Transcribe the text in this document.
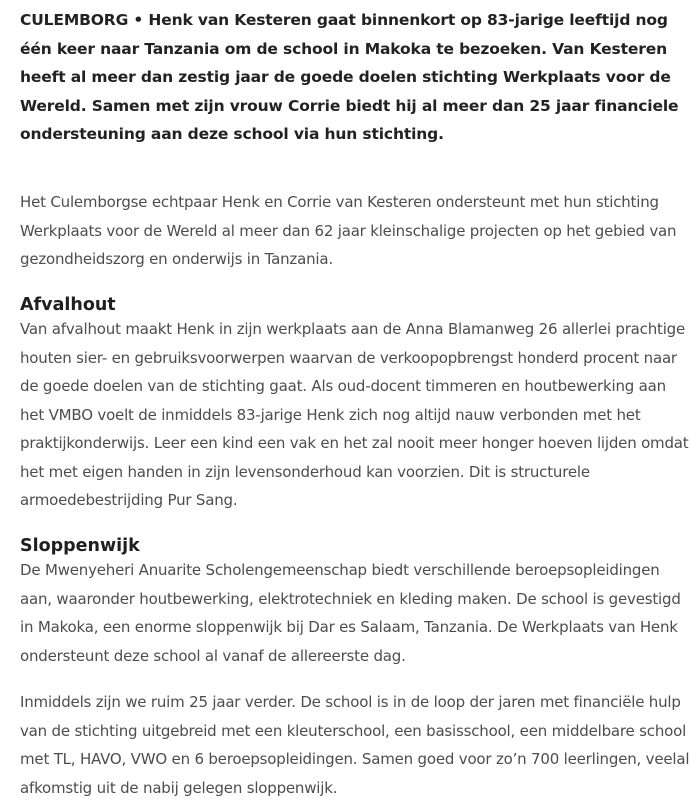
CULEMBORG • Henk van Kesteren gaat binnenkort op 83-jarige leeftijd nog één keer naar Tanzania om de school in Makoka te bezoeken. Van Kesteren heeft al meer dan zestig jaar de goede doelen stichting Werkplaats voor de Wereld. Samen met zijn vrouw Corrie biedt hij al meer dan 25 jaar financiele ondersteuning aan deze school via hun stichting.

Het Culemborgse echtpaar Henk en Corrie van Kesteren ondersteunt met hun stichting Werkplaats voor de Wereld al meer dan 62 jaar kleinschalige projecten op het gebied van gezondheidszorg en onderwijs in Tanzania.

Afvalhout

Van afvalhout maakt Henk in zijn werkplaats aan de Anna Blamanweg 26 allerlei prachtige houten sier- en gebruiksvoorwerpen waarvan de verkoopopbrengst honderd procent naar de goede doelen van de stichting gaat. Als oud-docent timmeren en houtbewerking aan het VMBO voelt de inmiddels 83-jarige Henk zich nog altijd nauw verbonden met het praktijkonderwijs. Leer een kind een vak en het zal nooit meer honger hoeven lijden omdat het met eigen handen in zijn levensonderhoud kan voorzien. Dit is structurele armoedebestrijding Pur Sang.

Sloppenwijk

De Mwenyeheri Anuarite Scholengemeenschap biedt verschillende beroepsopleidingen aan, waaronder houtbewerking, elektrotechniek en kleding maken. De school is gevestigd in Makoka, een enorme sloppenwijk bij Dar es Salaam, Tanzania. De Werkplaats van Henk ondersteunt deze school al vanaf de allereerste dag.

Inmiddels zijn we ruim 25 jaar verder. De school is in de loop der jaren met financiële hulp van de stichting uitgebreid met een kleuterschool, een basisschool, een middelbare school met TL, HAVO, VWO en 6 beroepsopleidingen. Samen goed voor zo’n 700 leerlingen, veelal afkomstig uit de nabij gelegen sloppenwijk.
